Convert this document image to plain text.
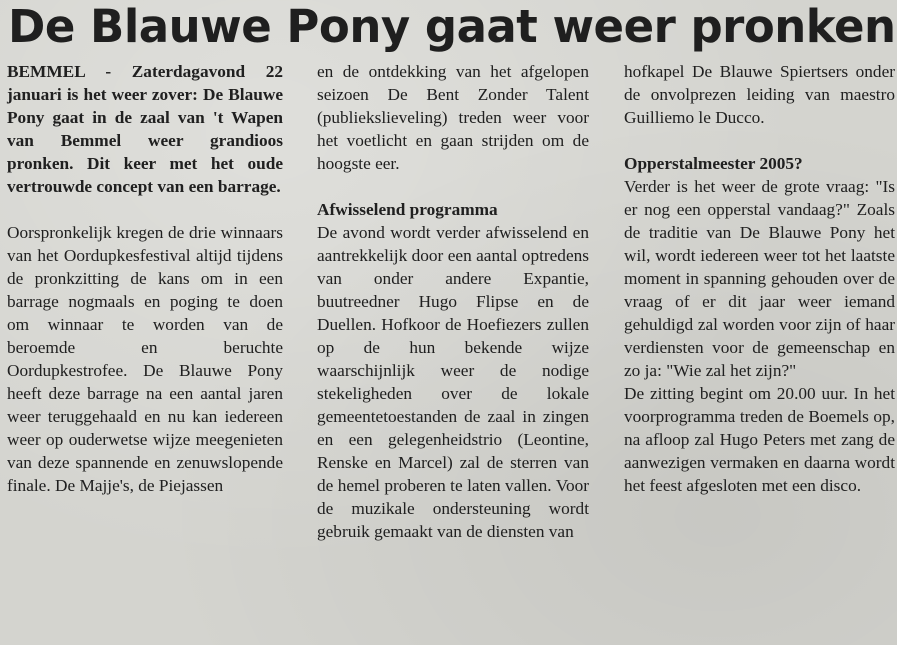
De Blauwe Pony gaat weer pronken

BEMMEL - Zaterdagavond 22 januari is het weer zover: De Blauwe Pony gaat in de zaal van 't Wapen van Bemmel weer grandioos pronken. Dit keer met het oude vertrouwde concept van een barrage.

Oorspronkelijk kregen de drie winnaars van het Oordupkesfestival altijd tijdens de pronkzitting de kans om in een barrage nogmaals en poging te doen om winnaar te worden van de beroemde en beruchte Oordupkestrofee. De Blauwe Pony heeft deze barrage na een aantal jaren weer teruggehaald en nu kan iedereen weer op ouderwetse wijze meegenieten van deze spannende en zenuwslopende finale. De Majje's, de Piejassen

en de ontdekking van het afgelopen seizoen De Bent Zonder Talent (publiekslieveling) treden weer voor het voetlicht en gaan strijden om de hoogste eer.

Afwisselend programma

De avond wordt verder afwisselend en aantrekkelijk door een aantal optredens van onder andere Expantie, buutreedner Hugo Flipse en de Duellen. Hofkoor de Hoefiezers zullen op de hun bekende wijze waarschijnlijk weer de nodige stekeligheden over de lokale gemeentetoestanden de zaal in zingen en een gelegenheidstrio (Leontine, Renske en Marcel) zal de sterren van de hemel proberen te laten vallen. Voor de muzikale ondersteuning wordt gebruik gemaakt van de diensten van

hofkapel De Blauwe Spiertsers onder de onvolprezen leiding van maestro Guilliemo le Ducco.

Opperstalmeester 2005?

Verder is het weer de grote vraag: "Is er nog een opperstal vandaag?" Zoals de traditie van De Blauwe Pony het wil, wordt iedereen weer tot het laatste moment in spanning gehouden over de vraag of er dit jaar weer iemand gehuldigd zal worden voor zijn of haar verdiensten voor de gemeenschap en zo ja: "Wie zal het zijn?"

De zitting begint om 20.00 uur. In het voorprogramma treden de Boemels op, na afloop zal Hugo Peters met zang de aanwezigen vermaken en daarna wordt het feest afgesloten met een disco.
